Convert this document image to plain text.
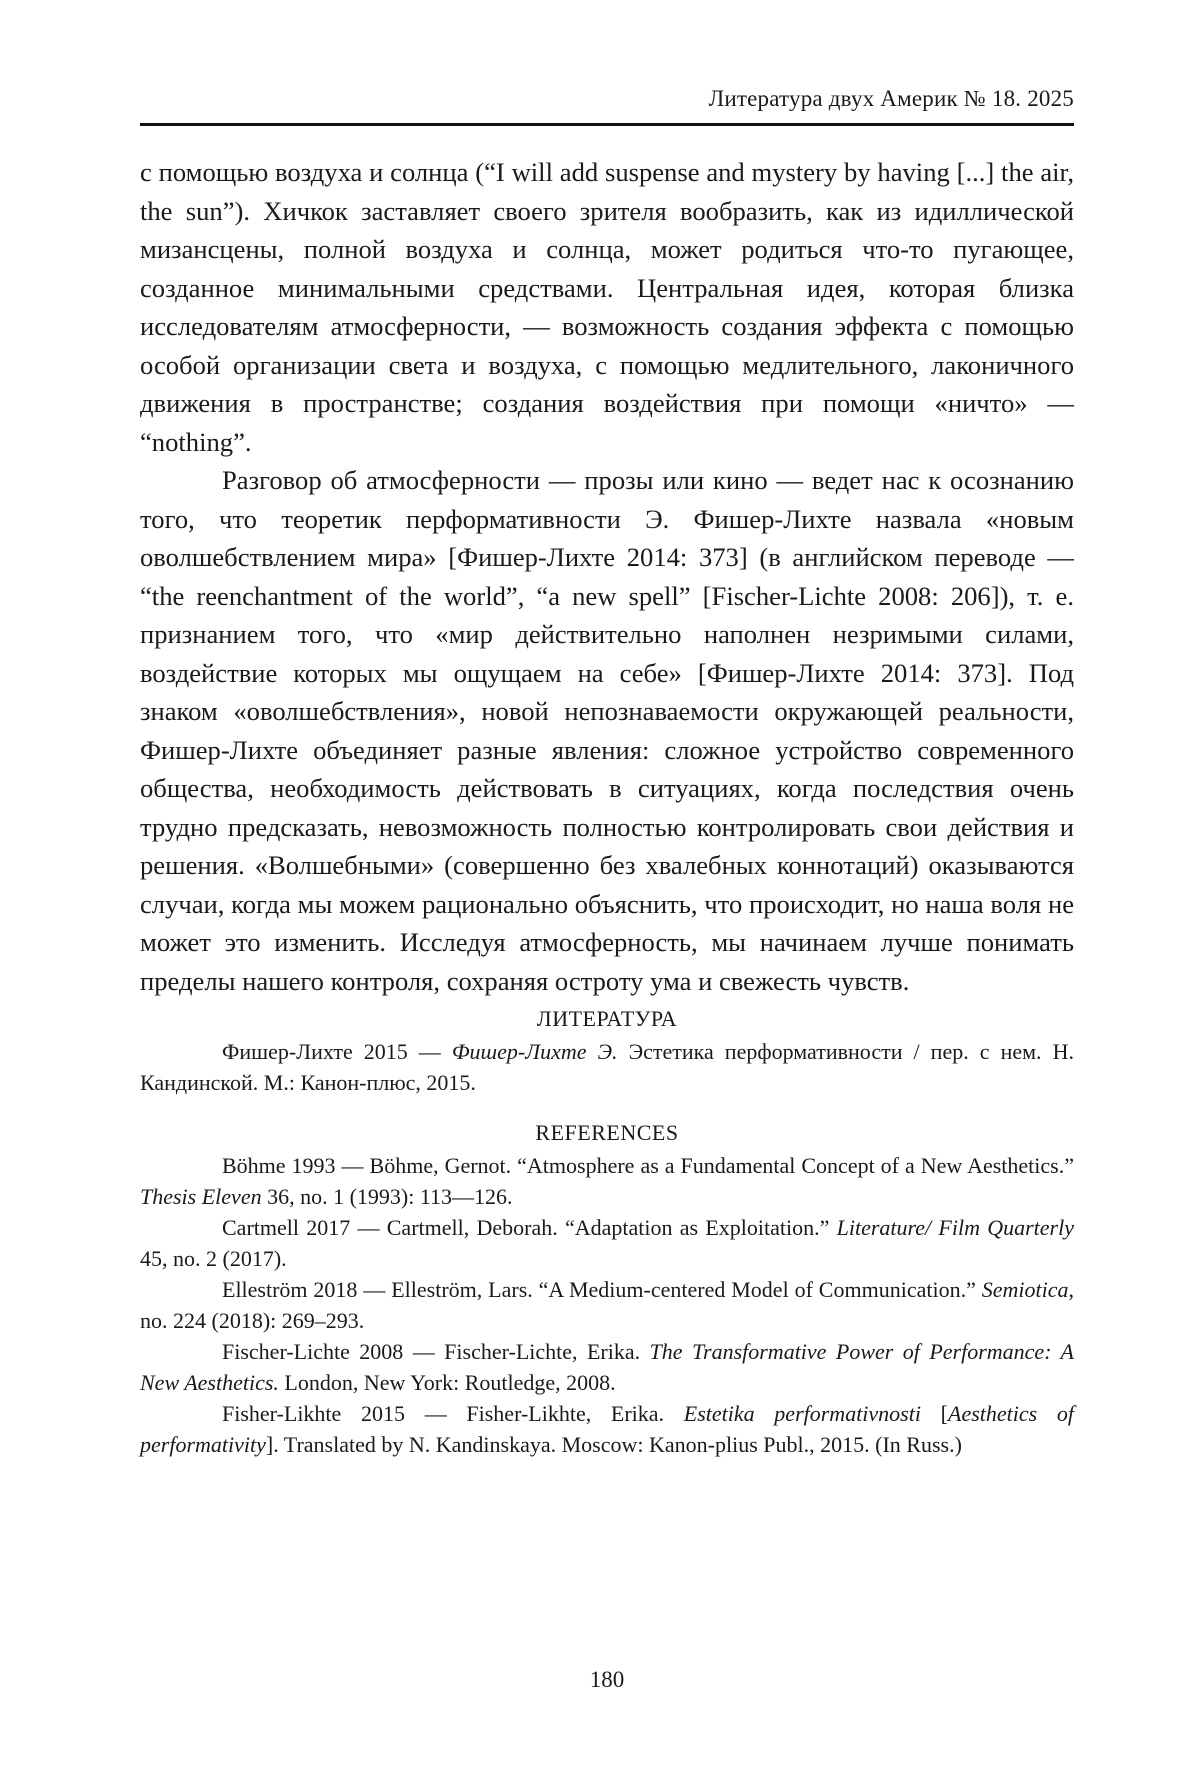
Литература двух Америк № 18. 2025

с помощью воздуха и солнца (“I will add suspense and mystery by having [...] the air, the sun”). Хичкок заставляет своего зрителя вообразить, как из идиллической мизансцены, полной воздуха и солнца, может родиться что-то пугающее, созданное минимальными средствами. Центральная идея, которая близка исследователям атмосферности, — возможность создания эффекта с помощью особой организации света и воздуха, с помощью медлительного, лаконичного движения в пространстве; создания воздействия при помощи «ничто» — “nothing”.

Разговор об атмосферности — прозы или кино — ведет нас к осознанию того, что теоретик перформативности Э. Фишер-Лихте назвала «новым оволшебствлением мира» [Фишер-Лихте 2014: 373] (в английском переводе — “the reenchantment of the world”, “a new spell” [Fischer-Lichte 2008: 206]), т. е. признанием того, что «мир действительно наполнен незримыми силами, воздействие которых мы ощущаем на себе» [Фишер-Лихте 2014: 373]. Под знаком «оволшебствления», новой непознаваемости окружающей реальности, Фишер-Лихте объединяет разные явления: сложное устройство современного общества, необходимость действовать в ситуациях, когда последствия очень трудно предсказать, невозможность полностью контролировать свои действия и решения. «Волшебными» (совершенно без хвалебных коннотаций) оказываются случаи, когда мы можем рационально объяснить, что происходит, но наша воля не может это изменить. Исследуя атмосферность, мы начинаем лучше понимать пределы нашего контроля, сохраняя остроту ума и свежесть чувств.

ЛИТЕРАТУРА

Фишер-Лихте 2015 — Фишер-Лихте Э. Эстетика перформативности / пер. с нем. Н. Кандинской. М.: Канон-плюс, 2015.

REFERENCES

Böhme 1993 — Böhme, Gernot. “Atmosphere as a Fundamental Concept of a New Aesthetics.” Thesis Eleven 36, no. 1 (1993): 113—126.

Cartmell 2017 — Cartmell, Deborah. “Adaptation as Exploitation.” Literature/ Film Quarterly 45, no. 2 (2017).

Elleström 2018 — Elleström, Lars. “A Medium-centered Model of Communication.” Semiotica, no. 224 (2018): 269–293.

Fischer-Lichte 2008 — Fischer-Lichte, Erika. The Transformative Power of Performance: A New Aesthetics. London, New York: Routledge, 2008.

Fisher-Likhte 2015 — Fisher-Likhte, Erika. Estetika performativnosti [Aesthetics of performativity]. Translated by N. Kandinskaya. Moscow: Kanon-plius Publ., 2015. (In Russ.)

180
